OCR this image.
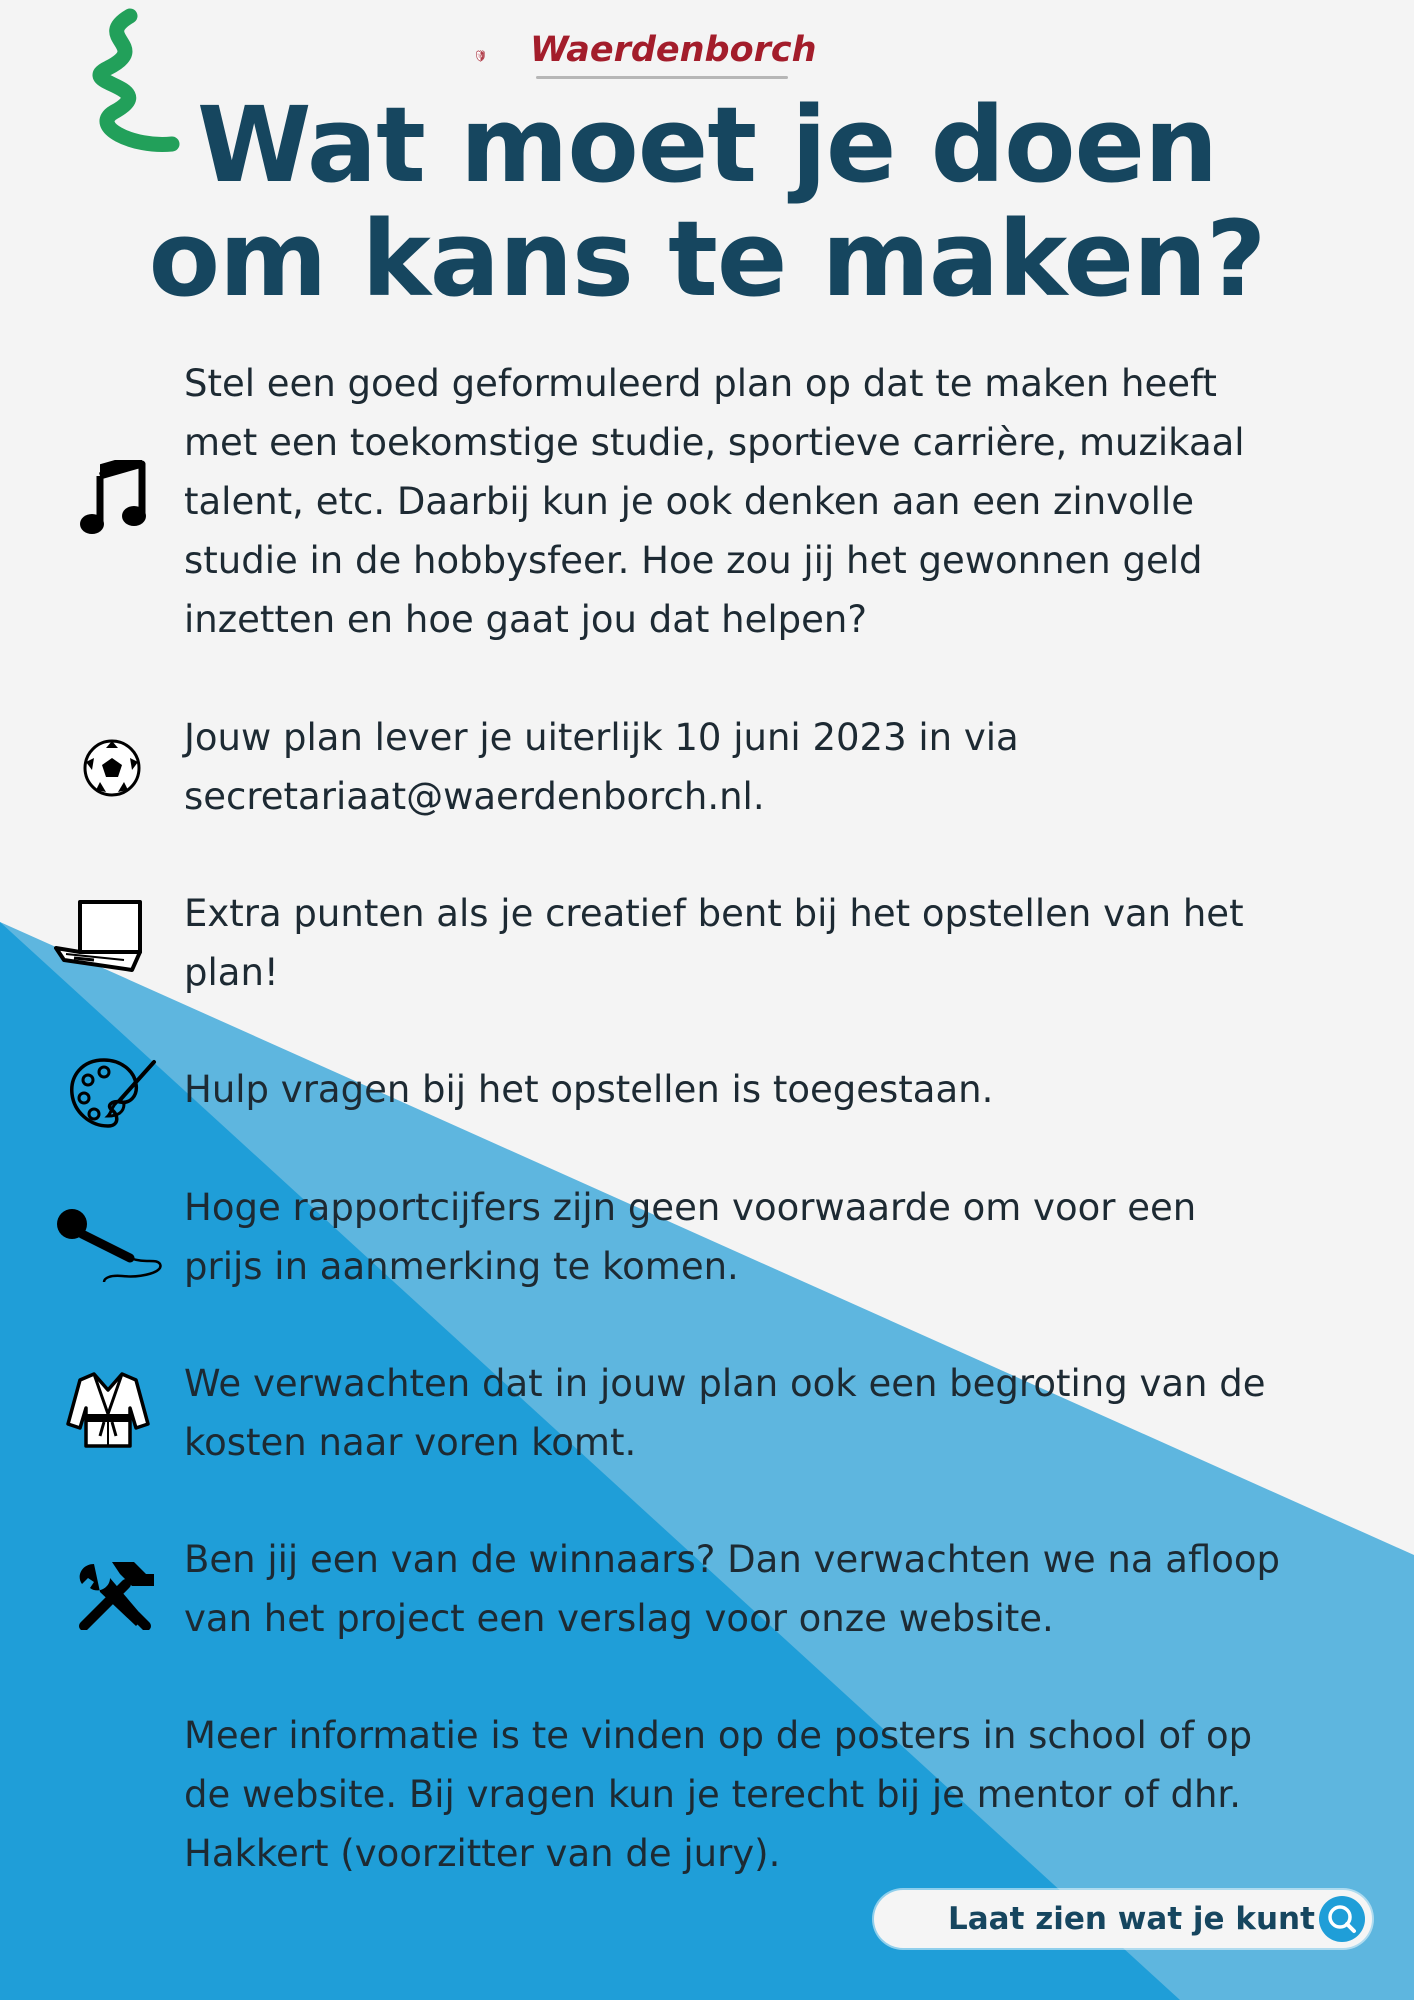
W Waerdenborch
Wat moet je doen
om kans te maken?

Stel een goed geformuleerd plan op dat te maken heeft met een toekomstige studie, sportieve carrière, muzikaal talent, etc. Daarbij kun je ook denken aan een zinvolle studie in de hobbysfeer. Hoe zou jij het gewonnen geld inzetten en hoe gaat jou dat helpen?

Jouw plan lever je uiterlijk 10 juni 2023 in via secretariaat@waerdenborch.nl.

Extra punten als je creatief bent bij het opstellen van het plan!

Hulp vragen bij het opstellen is toegestaan.

Hoge rapportcijfers zijn geen voorwaarde om voor een prijs in aanmerking te komen.

We verwachten dat in jouw plan ook een begroting van de kosten naar voren komt.

Ben jij een van de winnaars? Dan verwachten we na afloop van het project een verslag voor onze website.

Meer informatie is te vinden op de posters in school of op de website. Bij vragen kun je terecht bij je mentor of dhr. Hakkert (voorzitter van de jury).

Laat zien wat je kunt
